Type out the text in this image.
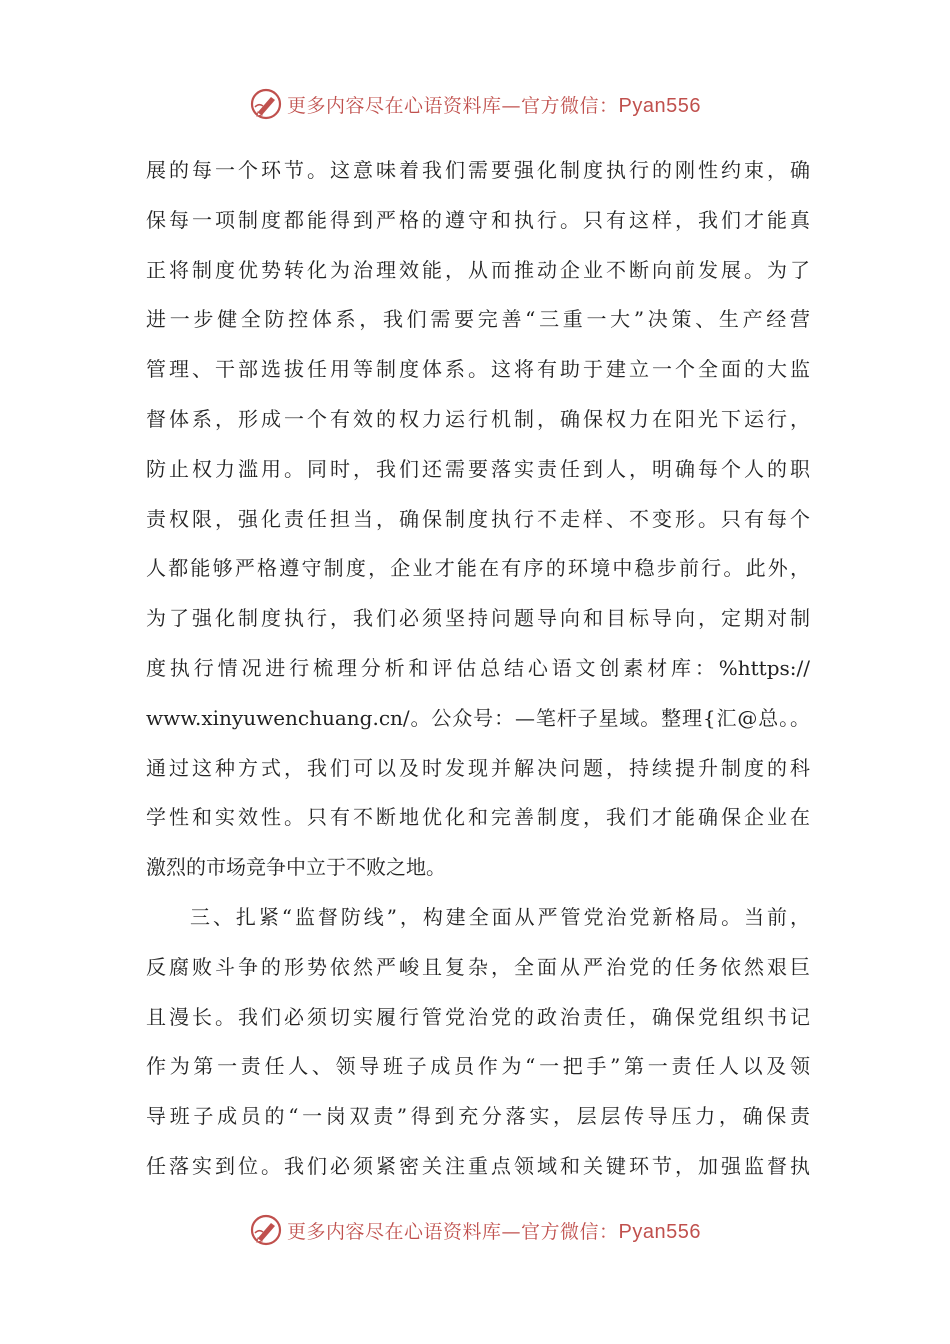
更多内容尽在心语资料库—官方微信：Pyan556
展的每一个环节。这意味着我们需要强化制度执行的刚性约束，确
保每一项制度都能得到严格的遵守和执行。只有这样，我们才能真
正将制度优势转化为治理效能，从而推动企业不断向前发展。为了
进一步健全防控体系，我们需要完善“三重一大”决策、生产经营
管理、干部选拔任用等制度体系。这将有助于建立一个全面的大监
督体系，形成一个有效的权力运行机制，确保权力在阳光下运行，
防止权力滥用。同时，我们还需要落实责任到人，明确每个人的职
责权限，强化责任担当，确保制度执行不走样、不变形。只有每个
人都能够严格遵守制度，企业才能在有序的环境中稳步前行。此外，
为了强化制度执行，我们必须坚持问题导向和目标导向，定期对制
度执行情况进行梳理分析和评估总结心语文创素材库：%https://
www.xinyuwenchuang.cn/。公众号：—笔杆子星域。整理{汇@总。。
通过这种方式，我们可以及时发现并解决问题，持续提升制度的科
学性和实效性。只有不断地优化和完善制度，我们才能确保企业在
激烈的市场竞争中立于不败之地。
三、扎紧“监督防线”，构建全面从严管党治党新格局。当前，
反腐败斗争的形势依然严峻且复杂，全面从严治党的任务依然艰巨
且漫长。我们必须切实履行管党治党的政治责任，确保党组织书记
作为第一责任人、领导班子成员作为“一把手”第一责任人以及领
导班子成员的“一岗双责”得到充分落实，层层传导压力，确保责
任落实到位。我们必须紧密关注重点领域和关键环节，加强监督执
更多内容尽在心语资料库—官方微信：Pyan556
